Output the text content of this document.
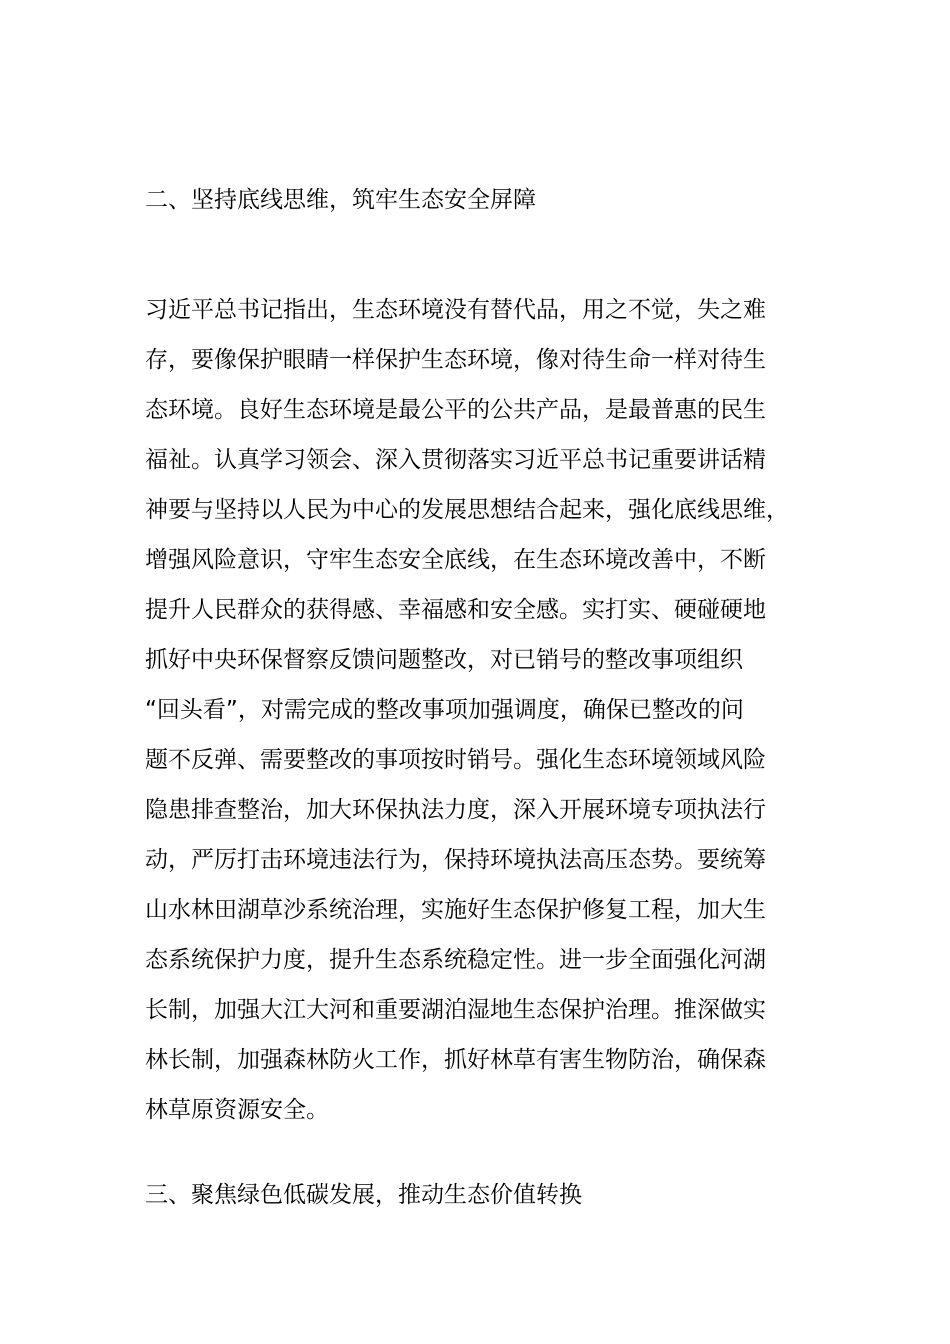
二、坚持底线思维，筑牢生态安全屏障

习近平总书记指出，生态环境没有替代品，用之不觉，失之难
存，要像保护眼睛一样保护生态环境，像对待生命一样对待生
态环境。良好生态环境是最公平的公共产品，是最普惠的民生
福祉。认真学习领会、深入贯彻落实习近平总书记重要讲话精
神要与坚持以人民为中心的发展思想结合起来，强化底线思维，
增强风险意识，守牢生态安全底线，在生态环境改善中，不断
提升人民群众的获得感、幸福感和安全感。实打实、硬碰硬地
抓好中央环保督察反馈问题整改，对已销号的整改事项组织
“回头看”，对需完成的整改事项加强调度，确保已整改的问
题不反弹、需要整改的事项按时销号。强化生态环境领域风险
隐患排查整治，加大环保执法力度，深入开展环境专项执法行
动，严厉打击环境违法行为，保持环境执法高压态势。要统筹
山水林田湖草沙系统治理，实施好生态保护修复工程，加大生
态系统保护力度，提升生态系统稳定性。进一步全面强化河湖
长制，加强大江大河和重要湖泊湿地生态保护治理。推深做实
林长制，加强森林防火工作，抓好林草有害生物防治，确保森
林草原资源安全。

三、聚焦绿色低碳发展，推动生态价值转换
